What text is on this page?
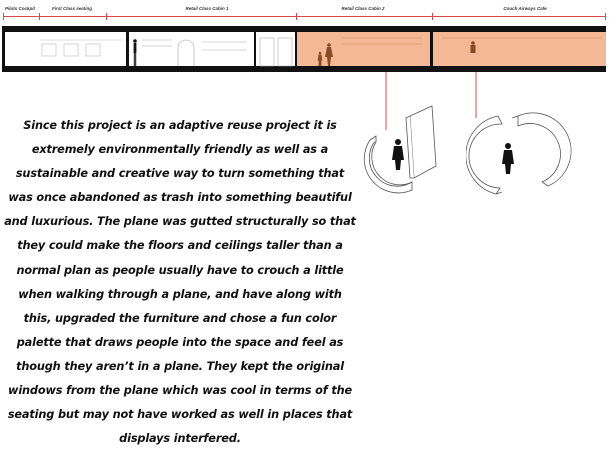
Pilots Cockpit	First Class seating	Retail Class Cabin 1	Retail Class Cabin 2	Couch Airways Cafe
Since this project is an adaptive reuse project it is extremely environmentally friendly as well as a sustainable and creative way to turn something that was once abandoned as trash into something beautiful and luxurious. The plane was gutted structurally so that they could make the floors and ceilings taller than a normal plan as people usually have to crouch a little when walking through a plane, and have along with this, upgraded the furniture and chose a fun color palette that draws people into the space and feel as though they aren’t in a plane. They kept the original windows from the plane which was cool in terms of the seating but may not have worked as well in places that displays interfered.
